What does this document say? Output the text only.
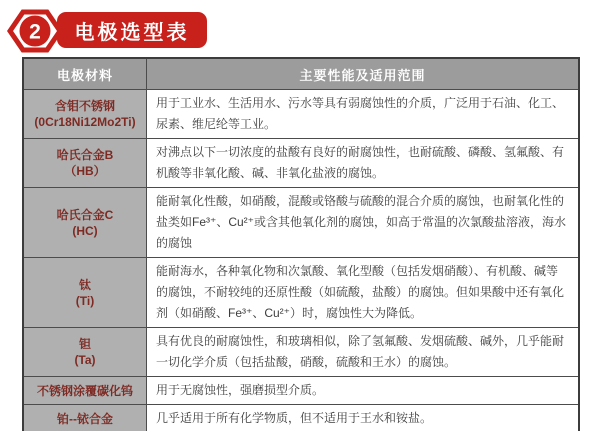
2 电极选型表
电极材料	主要性能及适用范围

含钼不锈钢
(0Cr18Ni12Mo2Ti)	用于工业水、生活用水、污水等具有弱腐蚀性的介质，广泛用于石油、化工、尿素、维尼纶等工业。

哈氏合金B
（HB）	对沸点以下一切浓度的盐酸有良好的耐腐蚀性，也耐硫酸、磷酸、氢氟酸、有机酸等非氧化酸、碱、非氧化盐液的腐蚀。

哈氏合金C
(HC)	能耐氧化性酸，如硝酸，混酸或铬酸与硫酸的混合介质的腐蚀，也耐氧化性的盐类如Fe³⁺、Cu²⁺或含其他氧化剂的腐蚀，如高于常温的次氯酸盐溶液，海水的腐蚀

钛
(Ti)	能耐海水，各种氧化物和次氯酸、氧化型酸（包括发烟硝酸）、有机酸、碱等的腐蚀，不耐较纯的还原性酸（如硫酸，盐酸）的腐蚀。但如果酸中还有氧化剂（如硝酸、Fe³⁺、Cu²⁺）时，腐蚀性大为降低。

钽
(Ta)	具有优良的耐腐蚀性，和玻璃相似，除了氢氟酸、发烟硫酸、碱外，几乎能耐一切化学介质（包括盐酸，硝酸，硫酸和王水）的腐蚀。

不锈钢涂覆碳化钨	用于无腐蚀性，强磨损型介质。

铂--铱合金	几乎适用于所有化学物质，但不适用于王水和铵盐。
